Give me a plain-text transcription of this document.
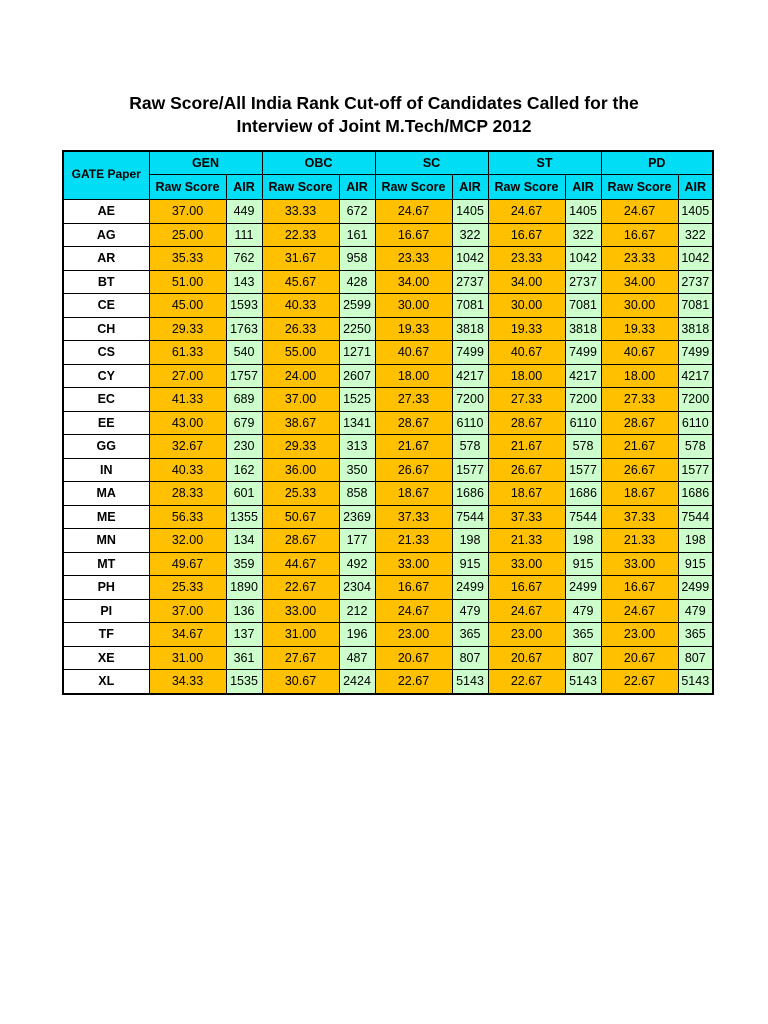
Raw Score/All India Rank Cut-off of Candidates Called for the
Interview of Joint M.Tech/MCP 2012
GATE Paper	GEN		OBC		SC		ST		PD	
	Raw Score	AIR	Raw Score	AIR	Raw Score	AIR	Raw Score	AIR	Raw Score	AIR
AE	37.00	449	33.33	672	24.67	1405	24.67	1405	24.67	1405
AG	25.00	111	22.33	161	16.67	322	16.67	322	16.67	322
AR	35.33	762	31.67	958	23.33	1042	23.33	1042	23.33	1042
BT	51.00	143	45.67	428	34.00	2737	34.00	2737	34.00	2737
CE	45.00	1593	40.33	2599	30.00	7081	30.00	7081	30.00	7081
CH	29.33	1763	26.33	2250	19.33	3818	19.33	3818	19.33	3818
CS	61.33	540	55.00	1271	40.67	7499	40.67	7499	40.67	7499
CY	27.00	1757	24.00	2607	18.00	4217	18.00	4217	18.00	4217
EC	41.33	689	37.00	1525	27.33	7200	27.33	7200	27.33	7200
EE	43.00	679	38.67	1341	28.67	6110	28.67	6110	28.67	6110
GG	32.67	230	29.33	313	21.67	578	21.67	578	21.67	578
IN	40.33	162	36.00	350	26.67	1577	26.67	1577	26.67	1577
MA	28.33	601	25.33	858	18.67	1686	18.67	1686	18.67	1686
ME	56.33	1355	50.67	2369	37.33	7544	37.33	7544	37.33	7544
MN	32.00	134	28.67	177	21.33	198	21.33	198	21.33	198
MT	49.67	359	44.67	492	33.00	915	33.00	915	33.00	915
PH	25.33	1890	22.67	2304	16.67	2499	16.67	2499	16.67	2499
PI	37.00	136	33.00	212	24.67	479	24.67	479	24.67	479
TF	34.67	137	31.00	196	23.00	365	23.00	365	23.00	365
XE	31.00	361	27.67	487	20.67	807	20.67	807	20.67	807
XL	34.33	1535	30.67	2424	22.67	5143	22.67	5143	22.67	5143
